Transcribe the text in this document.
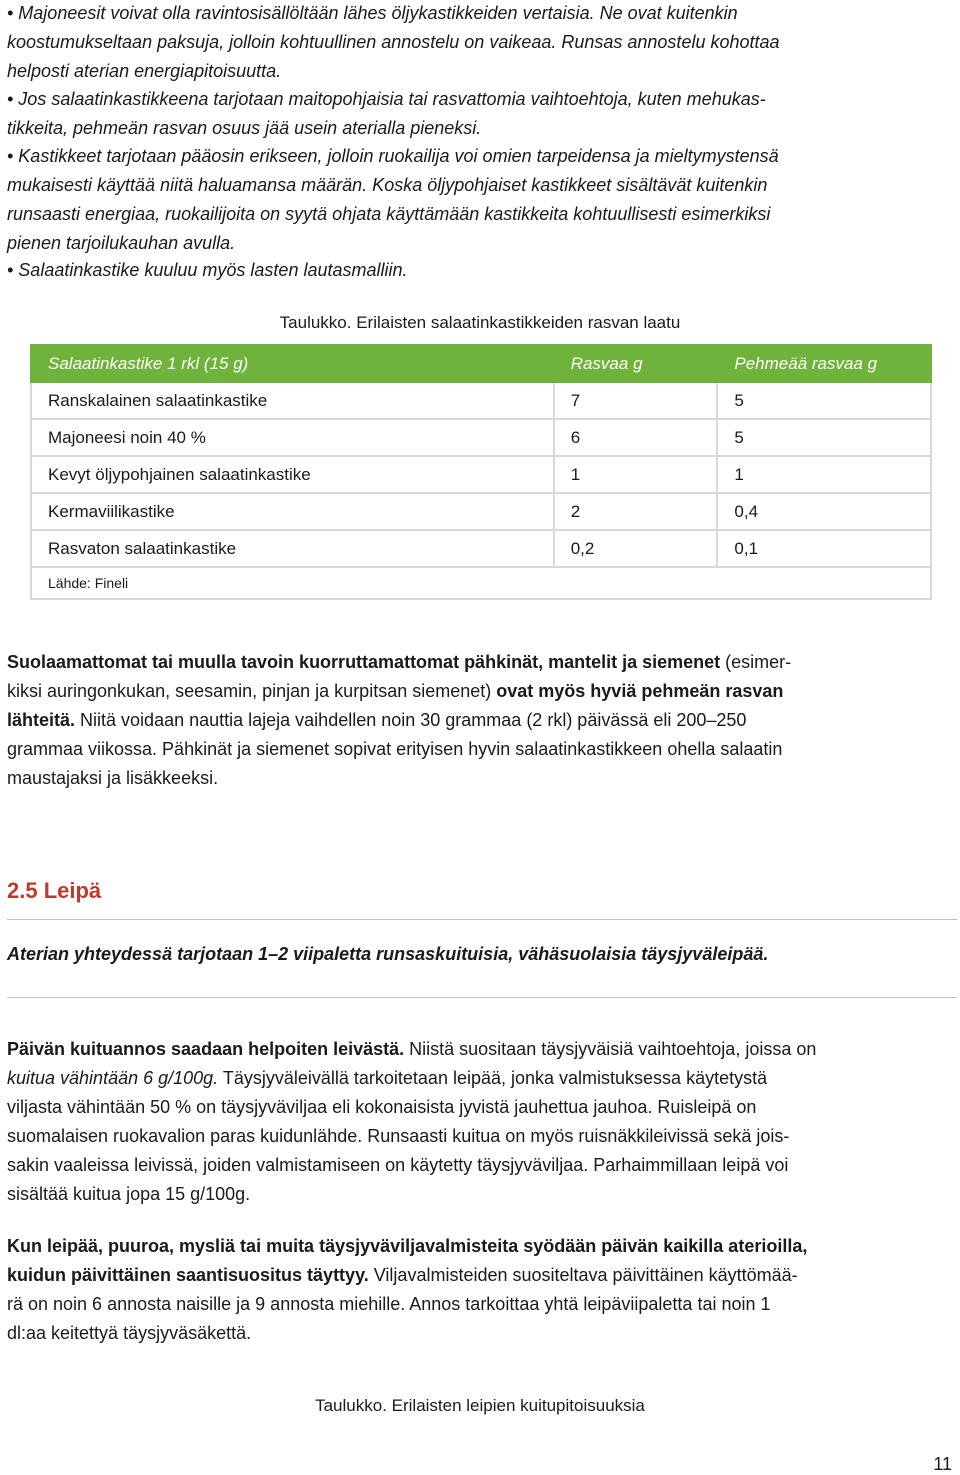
• Majoneesit voivat olla ravintosisällöltään lähes öljykastikkeiden vertaisia. Ne ovat kuitenkin
koostumukseltaan paksuja, jolloin kohtuullinen annostelu on vaikeaa. Runsas annostelu kohottaa
helposti aterian energiapitoisuutta.
• Jos salaatinkastikkeena tarjotaan maitopohjaisia tai rasvattomia vaihtoehtoja, kuten mehukas-
tikkeita, pehmeän rasvan osuus jää usein aterialla pieneksi.
• Kastikkeet tarjotaan pääosin erikseen, jolloin ruokailija voi omien tarpeidensa ja mieltymystensä
mukaisesti käyttää niitä haluamansa määrän. Koska öljypohjaiset kastikkeet sisältävät kuitenkin
runsaasti energiaa, ruokailijoita on syytä ohjata käyttämään kastikkeita kohtuullisesti esimerkiksi
pienen tarjoilukauhan avulla.
• Salaatinkastike kuuluu myös lasten lautasmalliin.
Taulukko. Erilaisten salaatinkastikkeiden rasvan laatu
Salaatinkastike 1 rkl (15 g)	Rasvaa g	Pehmeää rasvaa g
Ranskalainen salaatinkastike	7	5
Majoneesi noin 40 %	6	5
Kevyt öljypohjainen salaatinkastike	1	1
Kermaviilikastike	2	0,4
Rasvaton salaatinkastike	0,2	0,1
Lähde: Fineli		
Suolaamattomat tai muulla tavoin kuorruttamattomat pähkinät, mantelit ja siemenet (esimer-
kiksi auringonkukan, seesamin, pinjan ja kurpitsan siemenet) ovat myös hyviä pehmeän rasvan
lähteitä. Niitä voidaan nauttia lajeja vaihdellen noin 30 grammaa (2 rkl) päivässä eli 200–250
grammaa viikossa. Pähkinät ja siemenet sopivat erityisen hyvin salaatinkastikkeen ohella salaatin
maustajaksi ja lisäkkeeksi.
2.5 Leipä
Aterian yhteydessä tarjotaan 1–2 viipaletta runsaskuituisia, vähäsuolaisia täysjyväleipää.
Päivän kuituannos saadaan helpoiten leivästä. Niistä suositaan täysjyväisiä vaihtoehtoja, joissa on
kuitua vähintään 6 g/100g. Täysjyväleivällä tarkoitetaan leipää, jonka valmistuksessa käytetystä
viljasta vähintään 50 % on täysjyväviljaa eli kokonaisista jyvistä jauhettua jauhoa. Ruisleipä on
suomalaisen ruokavalion paras kuidunlähde. Runsaasti kuitua on myös ruisnäkkileivissä sekä jois-
sakin vaaleissa leivissä, joiden valmistamiseen on käytetty täysjyväviljaa. Parhaimmillaan leipä voi
sisältää kuitua jopa 15 g/100g.
Kun leipää, puuroa, mysliä tai muita täysjyväviljavalmisteita syödään päivän kaikilla aterioilla,
kuidun päivittäinen saantisuositus täyttyy. Viljavalmisteiden suositeltava päivittäinen käyttömää-
rä on noin 6 annosta naisille ja 9 annosta miehille. Annos tarkoittaa yhtä leipäviipaletta tai noin 1
dl:aa keitettyä täysjyväsäkettä.
Taulukko. Erilaisten leipien kuitupitoisuuksia
11
